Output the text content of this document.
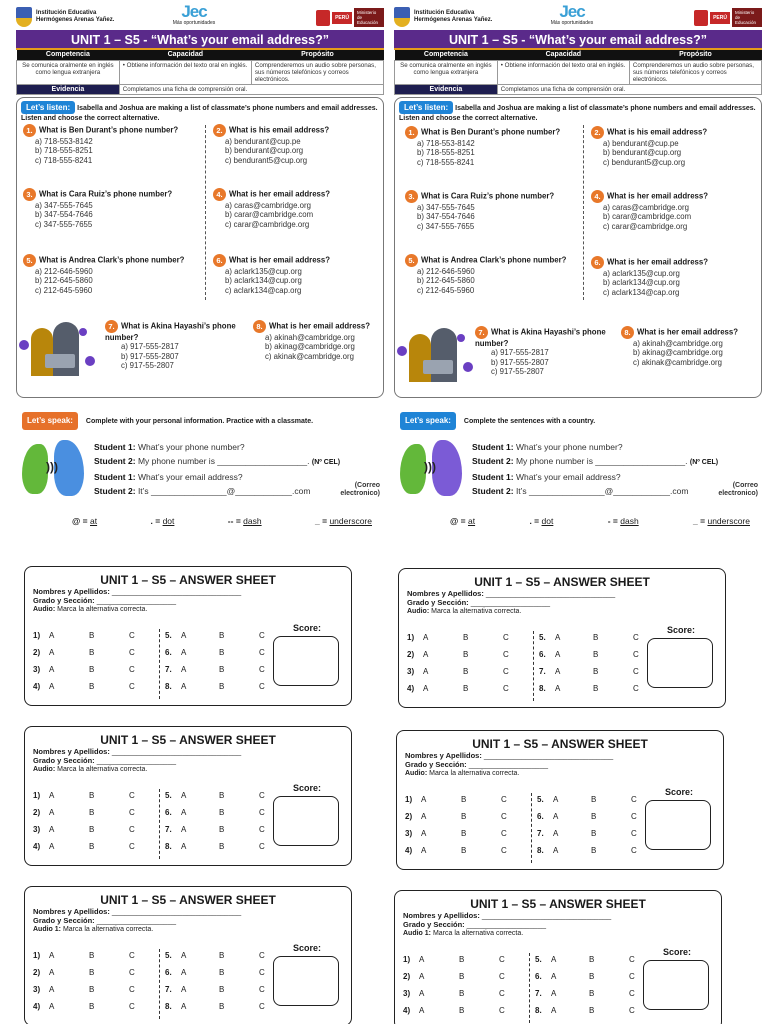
Institución Educativa
Hermógenes Arenas Yañez.	Jec
Más oportunidades
PERÚ
Ministerio de Educación
UNIT 1 – S5 - “What’s your email address?”
Competencia	Capacidad	Propósito
Se comunica oralmente en inglés como lengua extranjera	• Obtiene información del texto oral en inglés.	Comprenderemos un audio sobre personas, sus números telefónicos y correos electrónicos.
Evidencia	Completamos una ficha de comprensión oral.	
Let’s listen: Isabella and Joshua are making a list of classmate’s phone numbers and email addresses. Listen and choose the correct alternative.
1. What is Ben Durant’s phone number?
a) 718-553-8142
b) 718-555-8251
c) 718-555-8241
2. What is his email address?
a) bendurant@cup.pe
b) bendurant@cup.org
c) bendurant5@cup.org
3. What is Cara Ruiz’s phone number?
a) 347-555-7645
b) 347-554-7646
c) 347-555-7655
4. What is her email address?
a) caras@cambridge.org
b) carar@cambridge.com
c) carar@cambridge.org
5. What is Andrea Clark’s phone number?
a) 212-646-5960
b) 212-645-5860
c) 212-645-5960
6. What is her email address?
a) aclark135@cup.org
b) aclark134@cup.org
c) aclark134@cap.org
7. What is Akina Hayashi’s phone number?
a) 917-555-2817
b) 917-555-2807
c) 917-55-2807
8. What is her email address?
a) akinah@cambridge.org
b) akinag@cambridge.org
c) akinak@cambridge.org
Let’s speak: Complete with your personal information. Practice with a classmate.
)))
Student 1: What’s your phone number?
Student 2: My phone number is ___________________. (Nº CEL)
Student 1: What’s your email address?
Student 2: It’s ________________@____________.com
(Correo electronico)
@ = at	. = dot	-- = dash	_ = underscore
Institución Educativa
Hermógenes Arenas Yañez.	Jec
Más oportunidades
PERÚ
Ministerio de Educación
UNIT 1 – S5 - “What’s your email address?”
Competencia	Capacidad	Propósito
Se comunica oralmente en inglés como lengua extranjera	• Obtiene información del texto oral en inglés.	Comprenderemos un audio sobre personas, sus números telefónicos y correos electrónicos.
Evidencia	Completamos una ficha de comprensión oral.	
Let’s listen: Isabella and Joshua are making a list of classmate’s phone numbers and email addresses. Listen and choose the correct alternative.
1. What is Ben Durant’s phone number?
a) 718-553-8142
b) 718-555-8251
c) 718-555-8241
2. What is his email address?
a) bendurant@cup.pe
b) bendurant@cup.org
c) bendurant5@cup.org
3. What is Cara Ruiz’s phone number?
a) 347-555-7645
b) 347-554-7646
c) 347-555-7655
4. What is her email address?
a) caras@cambridge.org
b) carar@cambridge.com
c) carar@cambridge.org
5. What is Andrea Clark’s phone number?
a) 212-646-5960
b) 212-645-5860
c) 212-645-5960
6. What is her email address?
a) aclark135@cup.org
b) aclark134@cup.org
c) aclark134@cap.org
7. What is Akina Hayashi’s phone number?
a) 917-555-2817
b) 917-555-2807
c) 917-55-2807
8. What is her email address?
a) akinah@cambridge.org
b) akinag@cambridge.org
c) akinak@cambridge.org
Let’s speak: Complete the sentences with a country.
)))
Student 1: What’s your phone number?
Student 2: My phone number is ___________________. (Nº CEL)
Student 1: What’s your email address?
Student 2: It’s ________________@____________.com
(Correo electronico)
@ = at	. = dot	- = dash	_ = underscore
UNIT 1 – S5 – ANSWER SHEET
Nombres y Apellidos: _______________________________
Grado y Sección: ___________________
Audio: Marca la alternativa correcta.
1) A	B	C	5. A	B	C
2) A	B	C	6. A	B	C
3) A	B	C	7. A	B	C
4) A	B	C	8. A	B	C
Score:
UNIT 1 – S5 – ANSWER SHEET
Nombres y Apellidos: _______________________________
Grado y Sección: ___________________
Audio: Marca la alternativa correcta.
1) A	B	C	5. A	B	C
2) A	B	C	6. A	B	C
3) A	B	C	7. A	B	C
4) A	B	C	8. A	B	C
Score:
UNIT 1 – S5 – ANSWER SHEET
Nombres y Apellidos: _______________________________
Grado y Sección: ___________________
Audio: Marca la alternativa correcta.
1) A	B	C	5. A	B	C
2) A	B	C	6. A	B	C
3) A	B	C	7. A	B	C
4) A	B	C	8. A	B	C
Score:
UNIT 1 – S5 – ANSWER SHEET
Nombres y Apellidos: _______________________________
Grado y Sección: ___________________
Audio: Marca la alternativa correcta.
1) A	B	C	5. A	B	C
2) A	B	C	6. A	B	C
3) A	B	C	7. A	B	C
4) A	B	C	8. A	B	C
Score:
UNIT 1 – S5 – ANSWER SHEET
Nombres y Apellidos: _______________________________
Grado y Sección: ___________________
Audio 1: Marca la alternativa correcta.
1) A	B	C	5. A	B	C
2) A	B	C	6. A	B	C
3) A	B	C	7. A	B	C
4) A	B	C	8. A	B	C
Score:
UNIT 1 – S5 – ANSWER SHEET
Nombres y Apellidos: _______________________________
Grado y Sección: ___________________
Audio 1: Marca la alternativa correcta.
1) A	B	C	5. A	B	C
2) A	B	C	6. A	B	C
3) A	B	C	7. A	B	C
4) A	B	C	8. A	B	C
Score:
